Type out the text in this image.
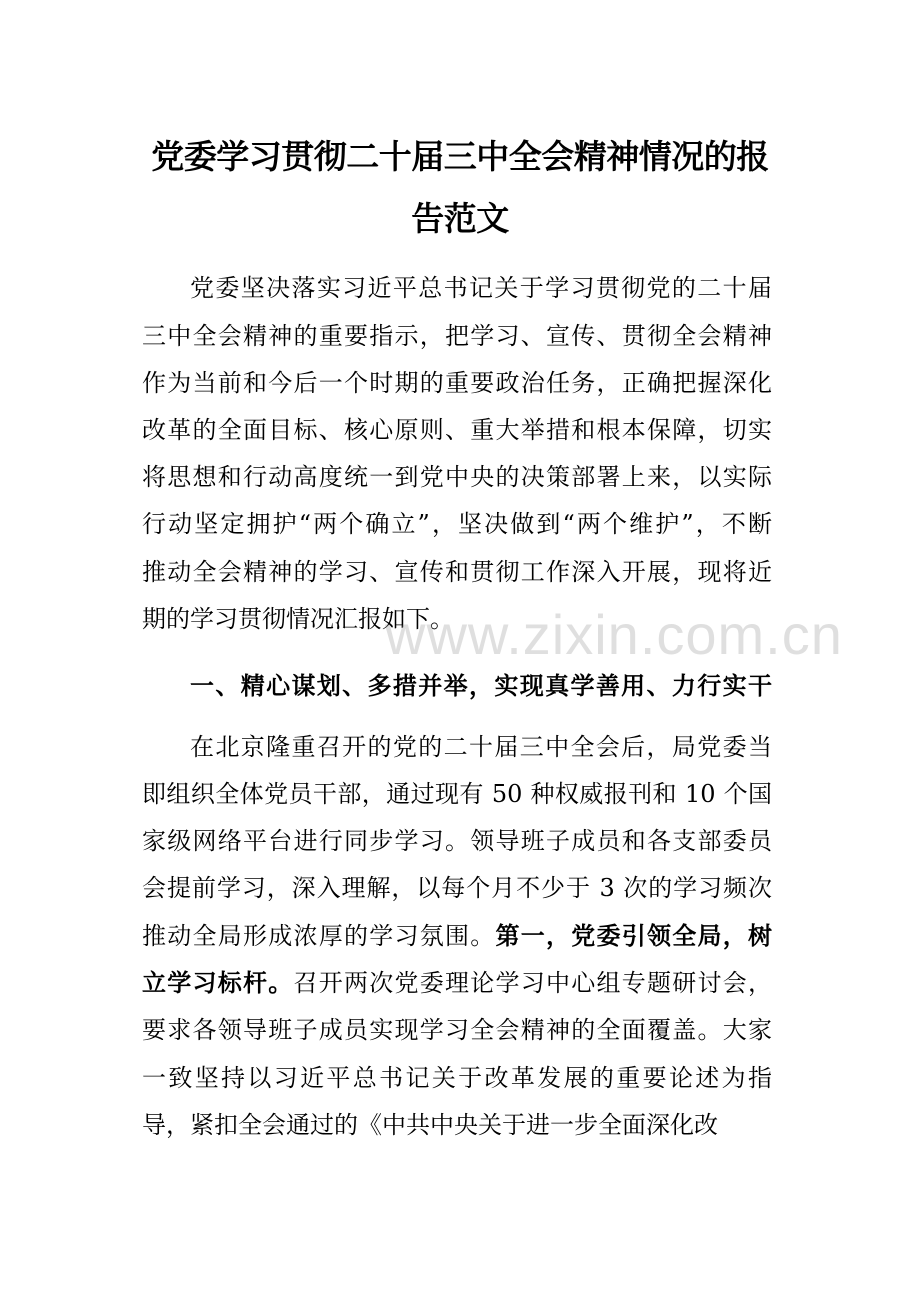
党委学习贯彻二十届三中全会精神情况的报
告范文
党委坚决落实习近平总书记关于学习贯彻党的二十届
三中全会精神的重要指示，把学习、宣传、贯彻全会精神
作为当前和今后一个时期的重要政治任务，正确把握深化
改革的全面目标、核心原则、重大举措和根本保障，切实
将思想和行动高度统一到党中央的决策部署上来，以实际
行动坚定拥护“两个确立”，坚决做到“两个维护”，不断
推动全会精神的学习、宣传和贯彻工作深入开展，现将近
期的学习贯彻情况汇报如下。
www.zixin.com.cn
一、精心谋划、多措并举，实现真学善用、力行实干
在北京隆重召开的党的二十届三中全会后，局党委当
即组织全体党员干部，通过现有 50 种权威报刊和 10 个国
家级网络平台进行同步学习。领导班子成员和各支部委员
会提前学习，深入理解，以每个月不少于 3 次的学习频次
推动全局形成浓厚的学习氛围。第一，党委引领全局，树
立学习标杆。召开两次党委理论学习中心组专题研讨会，
要求各领导班子成员实现学习全会精神的全面覆盖。大家
一致坚持以习近平总书记关于改革发展的重要论述为指
导，紧扣全会通过的《中共中央关于进一步全面深化改
